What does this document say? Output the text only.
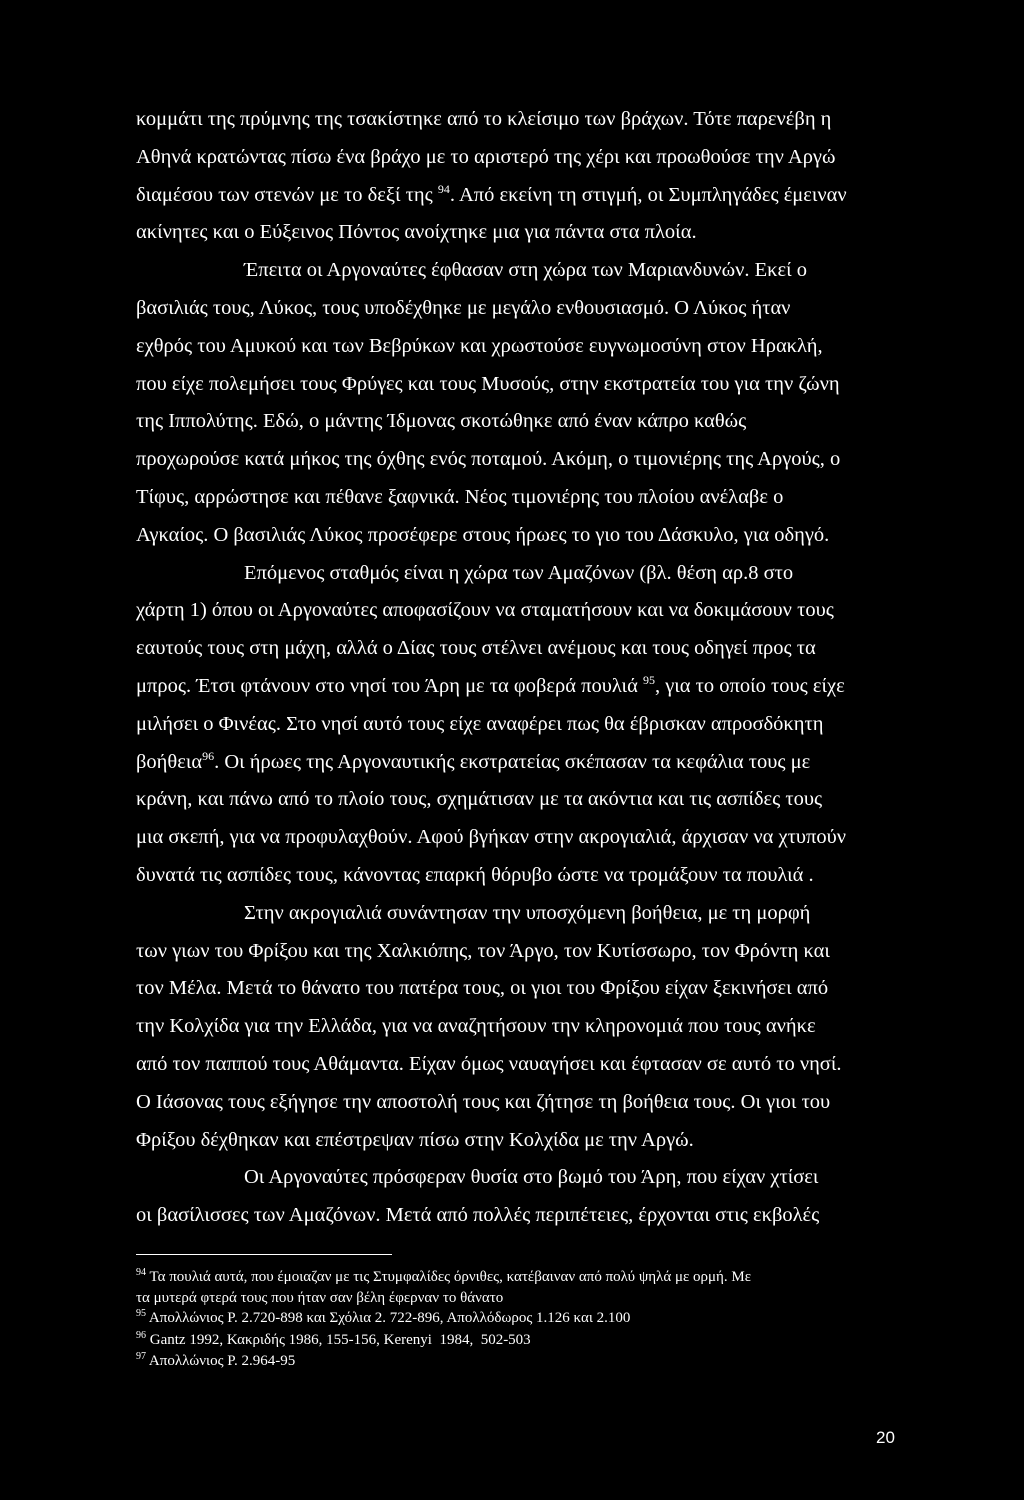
κομμάτι της πρύμνης της τσακίστηκε από το κλείσιμο των βράχων. Τότε παρενέβη η
Αθηνά κρατώντας πίσω ένα βράχο με το αριστερό της χέρι και προωθούσε την Αργώ
διαμέσου των στενών με το δεξί της $^{94}$. Από εκείνη τη στιγμή, οι Συμπληγάδες έμειναν
ακίνητες και ο Εύξεινος Πόντος ανοίχτηκε μια για πάντα στα πλοία.
Έπειτα οι Αργοναύτες έφθασαν στη χώρα των Μαριανδυνών. Εκεί ο
βασιλιάς τους, Λύκος, τους υποδέχθηκε με μεγάλο ενθουσιασμό. Ο Λύκος ήταν
εχθρός του Αμυκού και των Βεβρύκων και χρωστούσε ευγνωμοσύνη στον Ηρακλή,
που είχε πολεμήσει τους Φρύγες και τους Μυσούς, στην εκστρατεία του για την ζώνη
της Ιππολύτης. Εδώ, ο μάντης Ίδμονας σκοτώθηκε από έναν κάπρο καθώς
προχωρούσε κατά μήκος της όχθης ενός ποταμού. Ακόμη, ο τιμονιέρης της Αργούς, ο
Τίφυς, αρρώστησε και πέθανε ξαφνικά. Νέος τιμονιέρης του πλοίου ανέλαβε ο
Αγκαίος. Ο βασιλιάς Λύκος προσέφερε στους ήρωες το γιο του Δάσκυλο, για οδηγό.
Επόμενος σταθμός είναι η χώρα των Αμαζόνων (βλ. θέση αρ.8 στο
χάρτη 1) όπου οι Αργοναύτες αποφασίζουν να σταματήσουν και να δοκιμάσουν τους
εαυτούς τους στη μάχη, αλλά ο Δίας τους στέλνει ανέμους και τους οδηγεί προς τα
μπρος. Έτσι φτάνουν στο νησί του Άρη με τα φοβερά πουλιά $^{95}$, για το οποίο τους είχε
μιλήσει ο Φινέας. Στο νησί αυτό τους είχε αναφέρει πως θα έβρισκαν απροσδόκητη
βοήθεια$^{96}$. Οι ήρωες της Αργοναυτικής εκστρατείας σκέπασαν τα κεφάλια τους με
κράνη, και πάνω από το πλοίο τους, σχημάτισαν με τα ακόντια και τις ασπίδες τους
μια σκεπή, για να προφυλαχθούν. Αφού βγήκαν στην ακρογιαλιά, άρχισαν να χτυπούν
δυνατά τις ασπίδες τους, κάνοντας επαρκή θόρυβο ώστε να τρομάξουν τα πουλιά .
Στην ακρογιαλιά συνάντησαν την υποσχόμενη βοήθεια, με τη μορφή
των γιων του Φρίξου και της Χαλκιόπης, τον Άργο, τον Κυτίσσωρο, τον Φρόντη και
τον Μέλα. Μετά το θάνατο του πατέρα τους, οι γιοι του Φρίξου είχαν ξεκινήσει από
την Κολχίδα για την Ελλάδα, για να αναζητήσουν την κληρονομιά που τους ανήκε
από τον παππού τους Αθάμαντα. Είχαν όμως ναυαγήσει και έφτασαν σε αυτό το νησί.
Ο Ιάσονας τους εξήγησε την αποστολή τους και ζήτησε τη βοήθεια τους. Οι γιοι του
Φρίξου δέχθηκαν και επέστρεψαν πίσω στην Κολχίδα με την Αργώ.
Οι Αργοναύτες πρόσφεραν θυσία στο βωμό του Άρη, που είχαν χτίσει
οι βασίλισσες των Αμαζόνων. Μετά από πολλές περιπέτειες, έρχονται στις εκβολές
$^{94}$ Τα πουλιά αυτά, που έμοιαζαν με τις Στυμφαλίδες όρνιθες, κατέβαιναν από πολύ ψηλά με ορμή. Με
τα μυτερά φτερά τους που ήταν σαν βέλη έφερναν το θάνατο
$^{95}$ Απολλώνιος Ρ. 2.720-898 και Σχόλια 2. 722-896, Απολλόδωρος 1.126 και 2.100
$^{96}$ Gantz 1992, Κακριδής 1986, 155-156, Kerenyi  1984,  502-503
$^{97}$ Απολλώνιος Ρ. 2.964-95
20
